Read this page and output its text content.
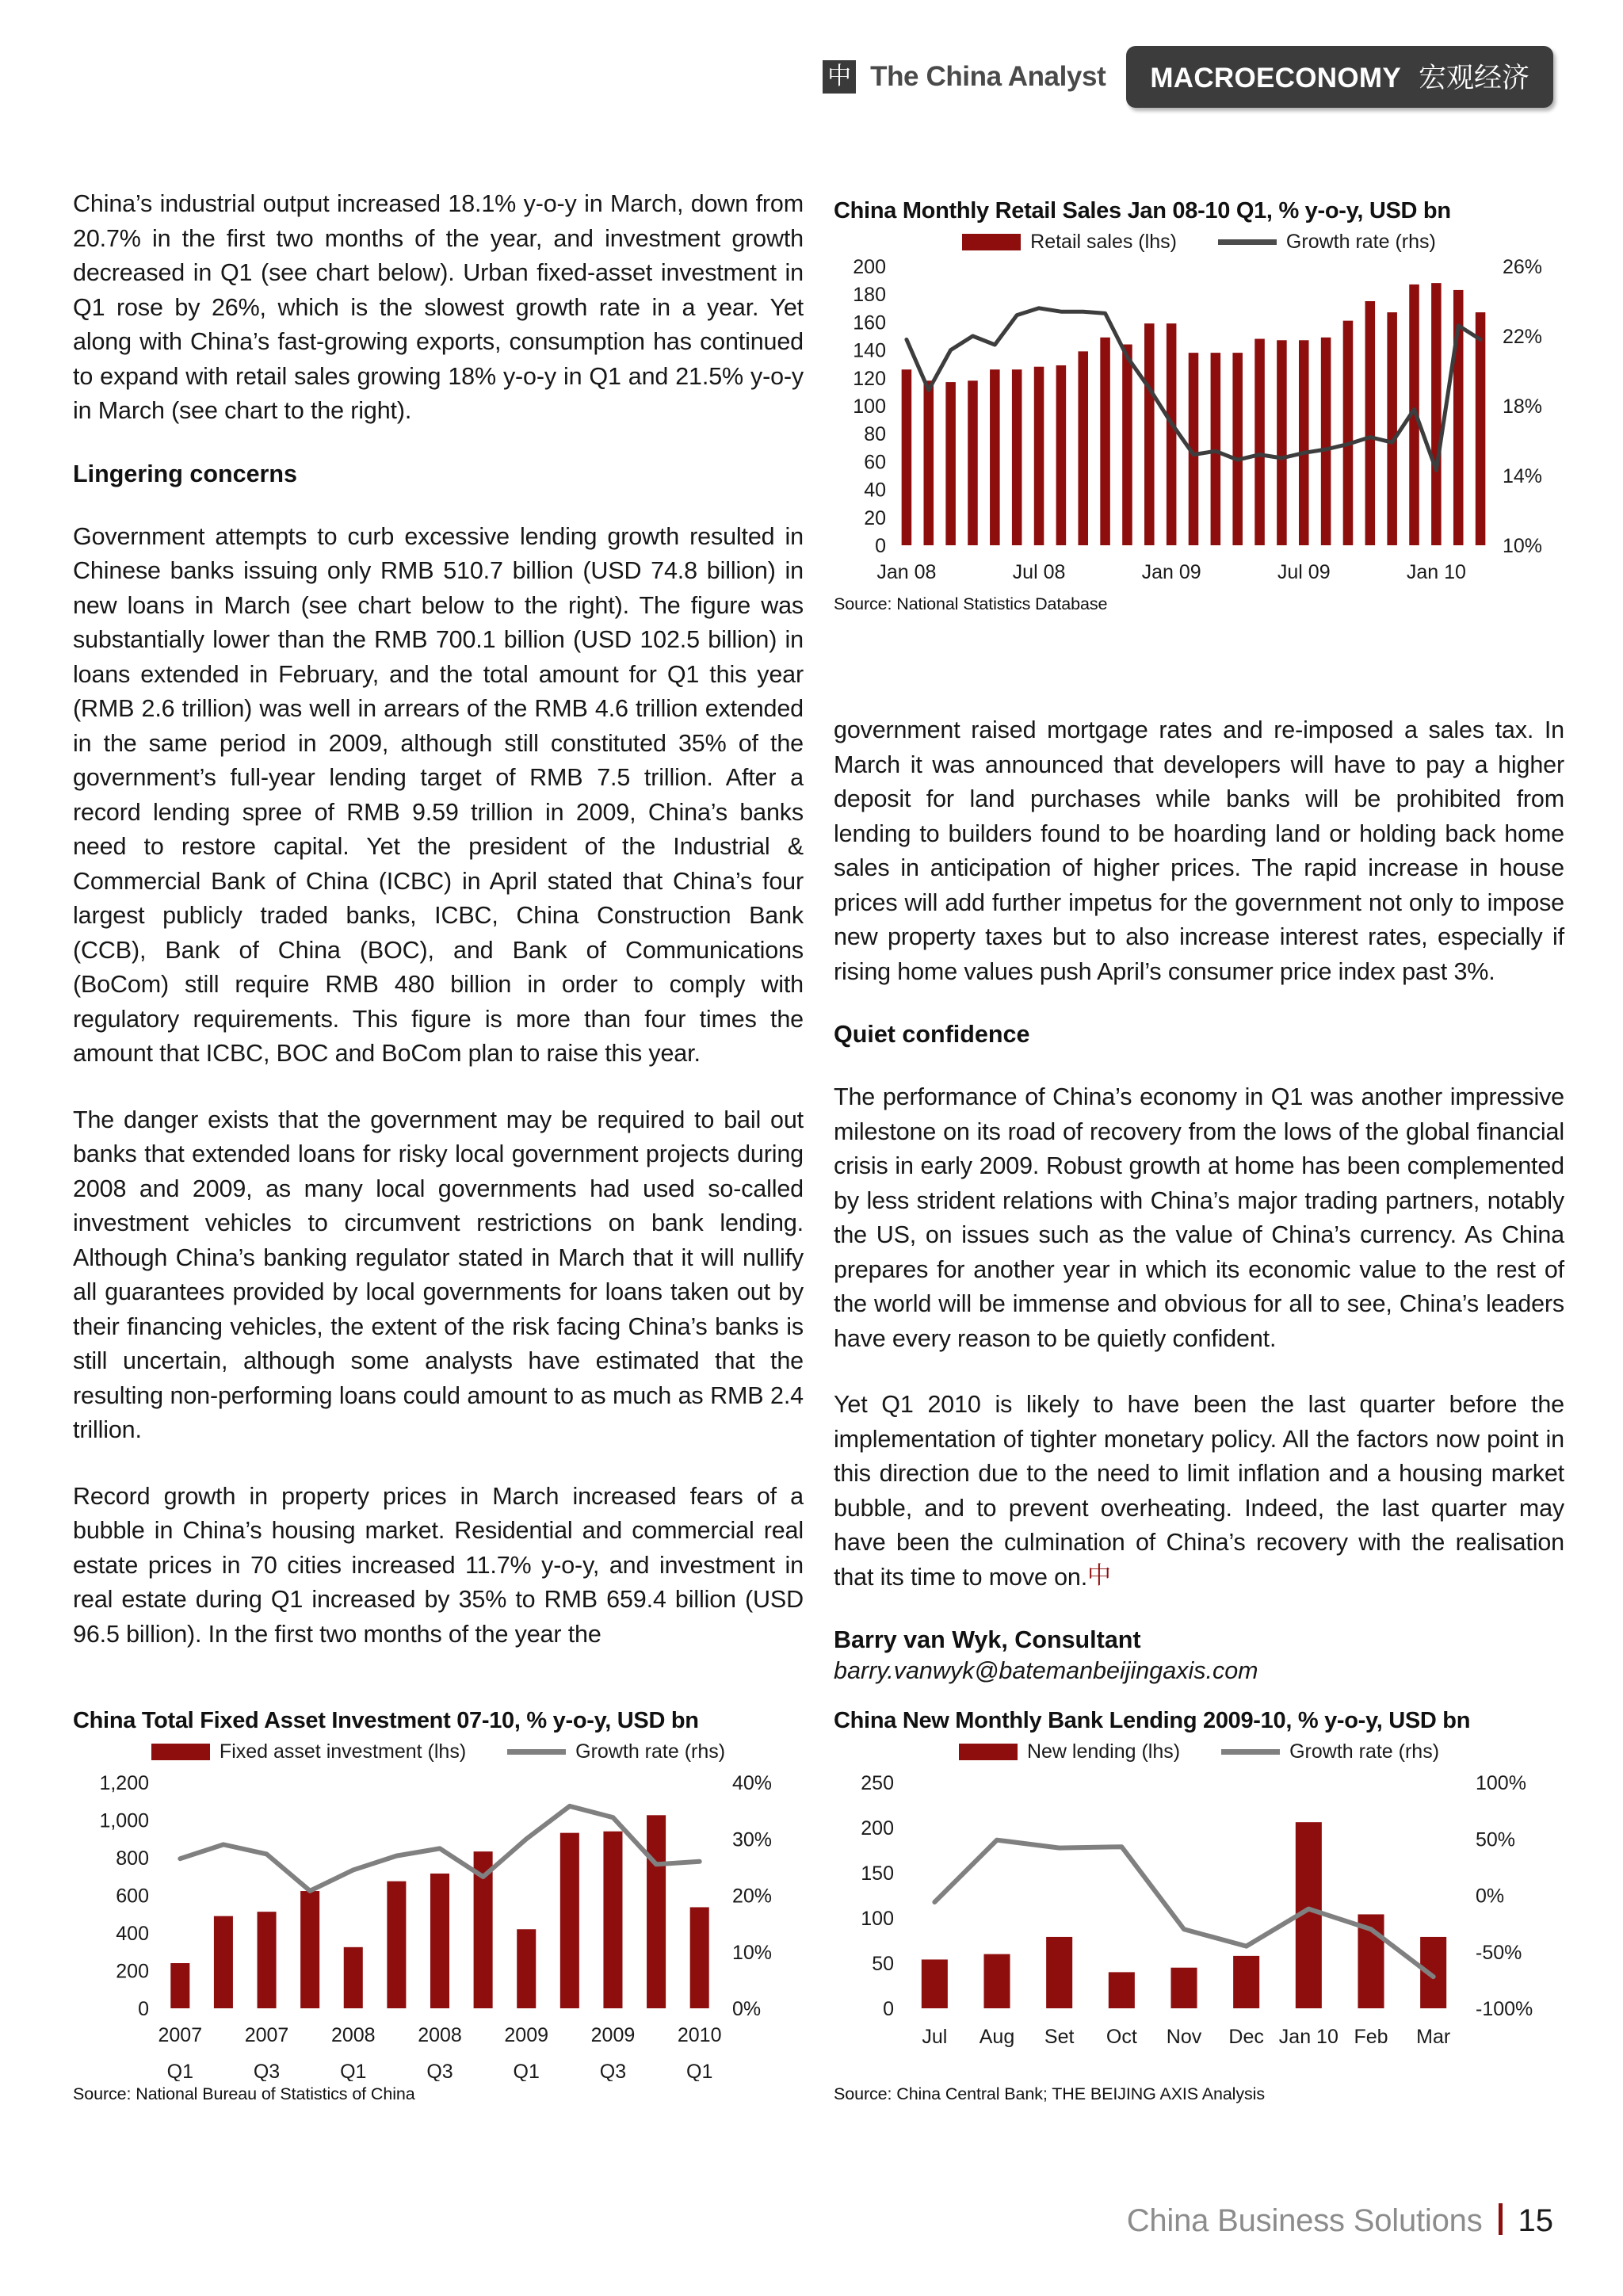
中 The China Analyst MACROECONOMY 宏观经济

China’s industrial output increased 18.1% y-o-y in March, down from 20.7% in the first two months of the year, and investment growth decreased in Q1 (see chart below). Urban fixed-asset investment in Q1 rose by 26%, which is the slowest growth rate in a year. Yet along with China’s fast-growing exports, consumption has continued to expand with retail sales growing 18% y-o-y in Q1 and 21.5% y-o-y in March (see chart to the right).

Lingering concerns

Government attempts to curb excessive lending growth resulted in Chinese banks issuing only RMB 510.7 billion (USD 74.8 billion) in new loans in March (see chart below to the right). The figure was substantially lower than the RMB 700.1 billion (USD 102.5 billion) in loans extended in February, and the total amount for Q1 this year (RMB 2.6 trillion) was well in arrears of the RMB 4.6 trillion extended in the same period in 2009, although still constituted 35% of the government’s full-year lending target of RMB 7.5 trillion. After a record lending spree of RMB 9.59 trillion in 2009, China’s banks need to restore capital. Yet the president of the Industrial & Commercial Bank of China (ICBC) in April stated that China’s four largest publicly traded banks, ICBC, China Construction Bank (CCB), Bank of China (BOC), and Bank of Communications (BoCom) still require RMB 480 billion in order to comply with regulatory requirements. This figure is more than four times the amount that ICBC, BOC and BoCom plan to raise this year.

The danger exists that the government may be required to bail out banks that extended loans for risky local government projects during 2008 and 2009, as many local governments had used so-called investment vehicles to circumvent restrictions on bank lending. Although China’s banking regulator stated in March that it will nullify all guarantees provided by local governments for loans taken out by their financing vehicles, the extent of the risk facing China’s banks is still uncertain, although some analysts have estimated that the resulting non-performing loans could amount to as much as RMB 2.4 trillion.

Record growth in property prices in March increased fears of a bubble in China’s housing market. Residential and commercial real estate prices in 70 cities increased 11.7% y-o-y, and investment in real estate during Q1 increased by 35% to RMB 659.4 billion (USD 96.5 billion). In the first two months of the year the

government raised mortgage rates and re-imposed a sales tax. In March it was announced that developers will have to pay a higher deposit for land purchases while banks will be prohibited from lending to builders found to be hoarding land or holding back home sales in anticipation of higher prices. The rapid increase in house prices will add further impetus for the government not only to impose new property taxes but to also increase interest rates, especially if rising home values push April’s consumer price index past 3%.

Quiet confidence

The performance of China’s economy in Q1 was another impressive milestone on its road of recovery from the lows of the global financial crisis in early 2009. Robust growth at home has been complemented by less strident relations with China’s major trading partners, notably the US, on issues such as the value of China’s currency. As China prepares for another year in which its economic value to the rest of the world will be immense and obvious for all to see, China’s leaders have every reason to be quietly confident.

Yet Q1 2010 is likely to have been the last quarter before the implementation of tighter monetary policy. All the factors now point in this direction due to the need to limit inflation and a housing market bubble, and to prevent overheating. Indeed, the last quarter may have been the culmination of China’s recovery with the realisation that its time to move on.中

Barry van Wyk, Consultant

barry.vanwyk@batemanbeijingaxis.com

China Monthly Retail Sales Jan 08-10 Q1, % y-o-y, USD bn
Retail sales (lhs)	Growth rate (rhs)
0
20
40
60
80
100
120
140
160
180
200
10%
14%
18%
22%
26%
Jan 08	Jul 08	Jan 09	Jul 09	Jan 10
Source: National Statistics Database
China Total Fixed Asset Investment 07-10, % y-o-y, USD bn
Fixed asset investment (lhs)	Growth rate (rhs)
0
200
400
600
800
1,000
1,200
0%
10%
20%
30%
40%
2007
Q1
2007
Q3
2008
Q1
2008
Q3
2009
Q1
2009
Q3
2010
Q1
Source: National Bureau of Statistics of China
China New Monthly Bank Lending 2009-10, % y-o-y, USD bn
New lending (lhs)	Growth rate (rhs)
0
50
100
150
200
250
-100%
-50%
0%
50%
100%
Jul Aug Set Oct Nov Dec Jan 10 Feb Mar
Source: China Central Bank; THE BEIJING AXIS Analysis
China Business Solutions 15
